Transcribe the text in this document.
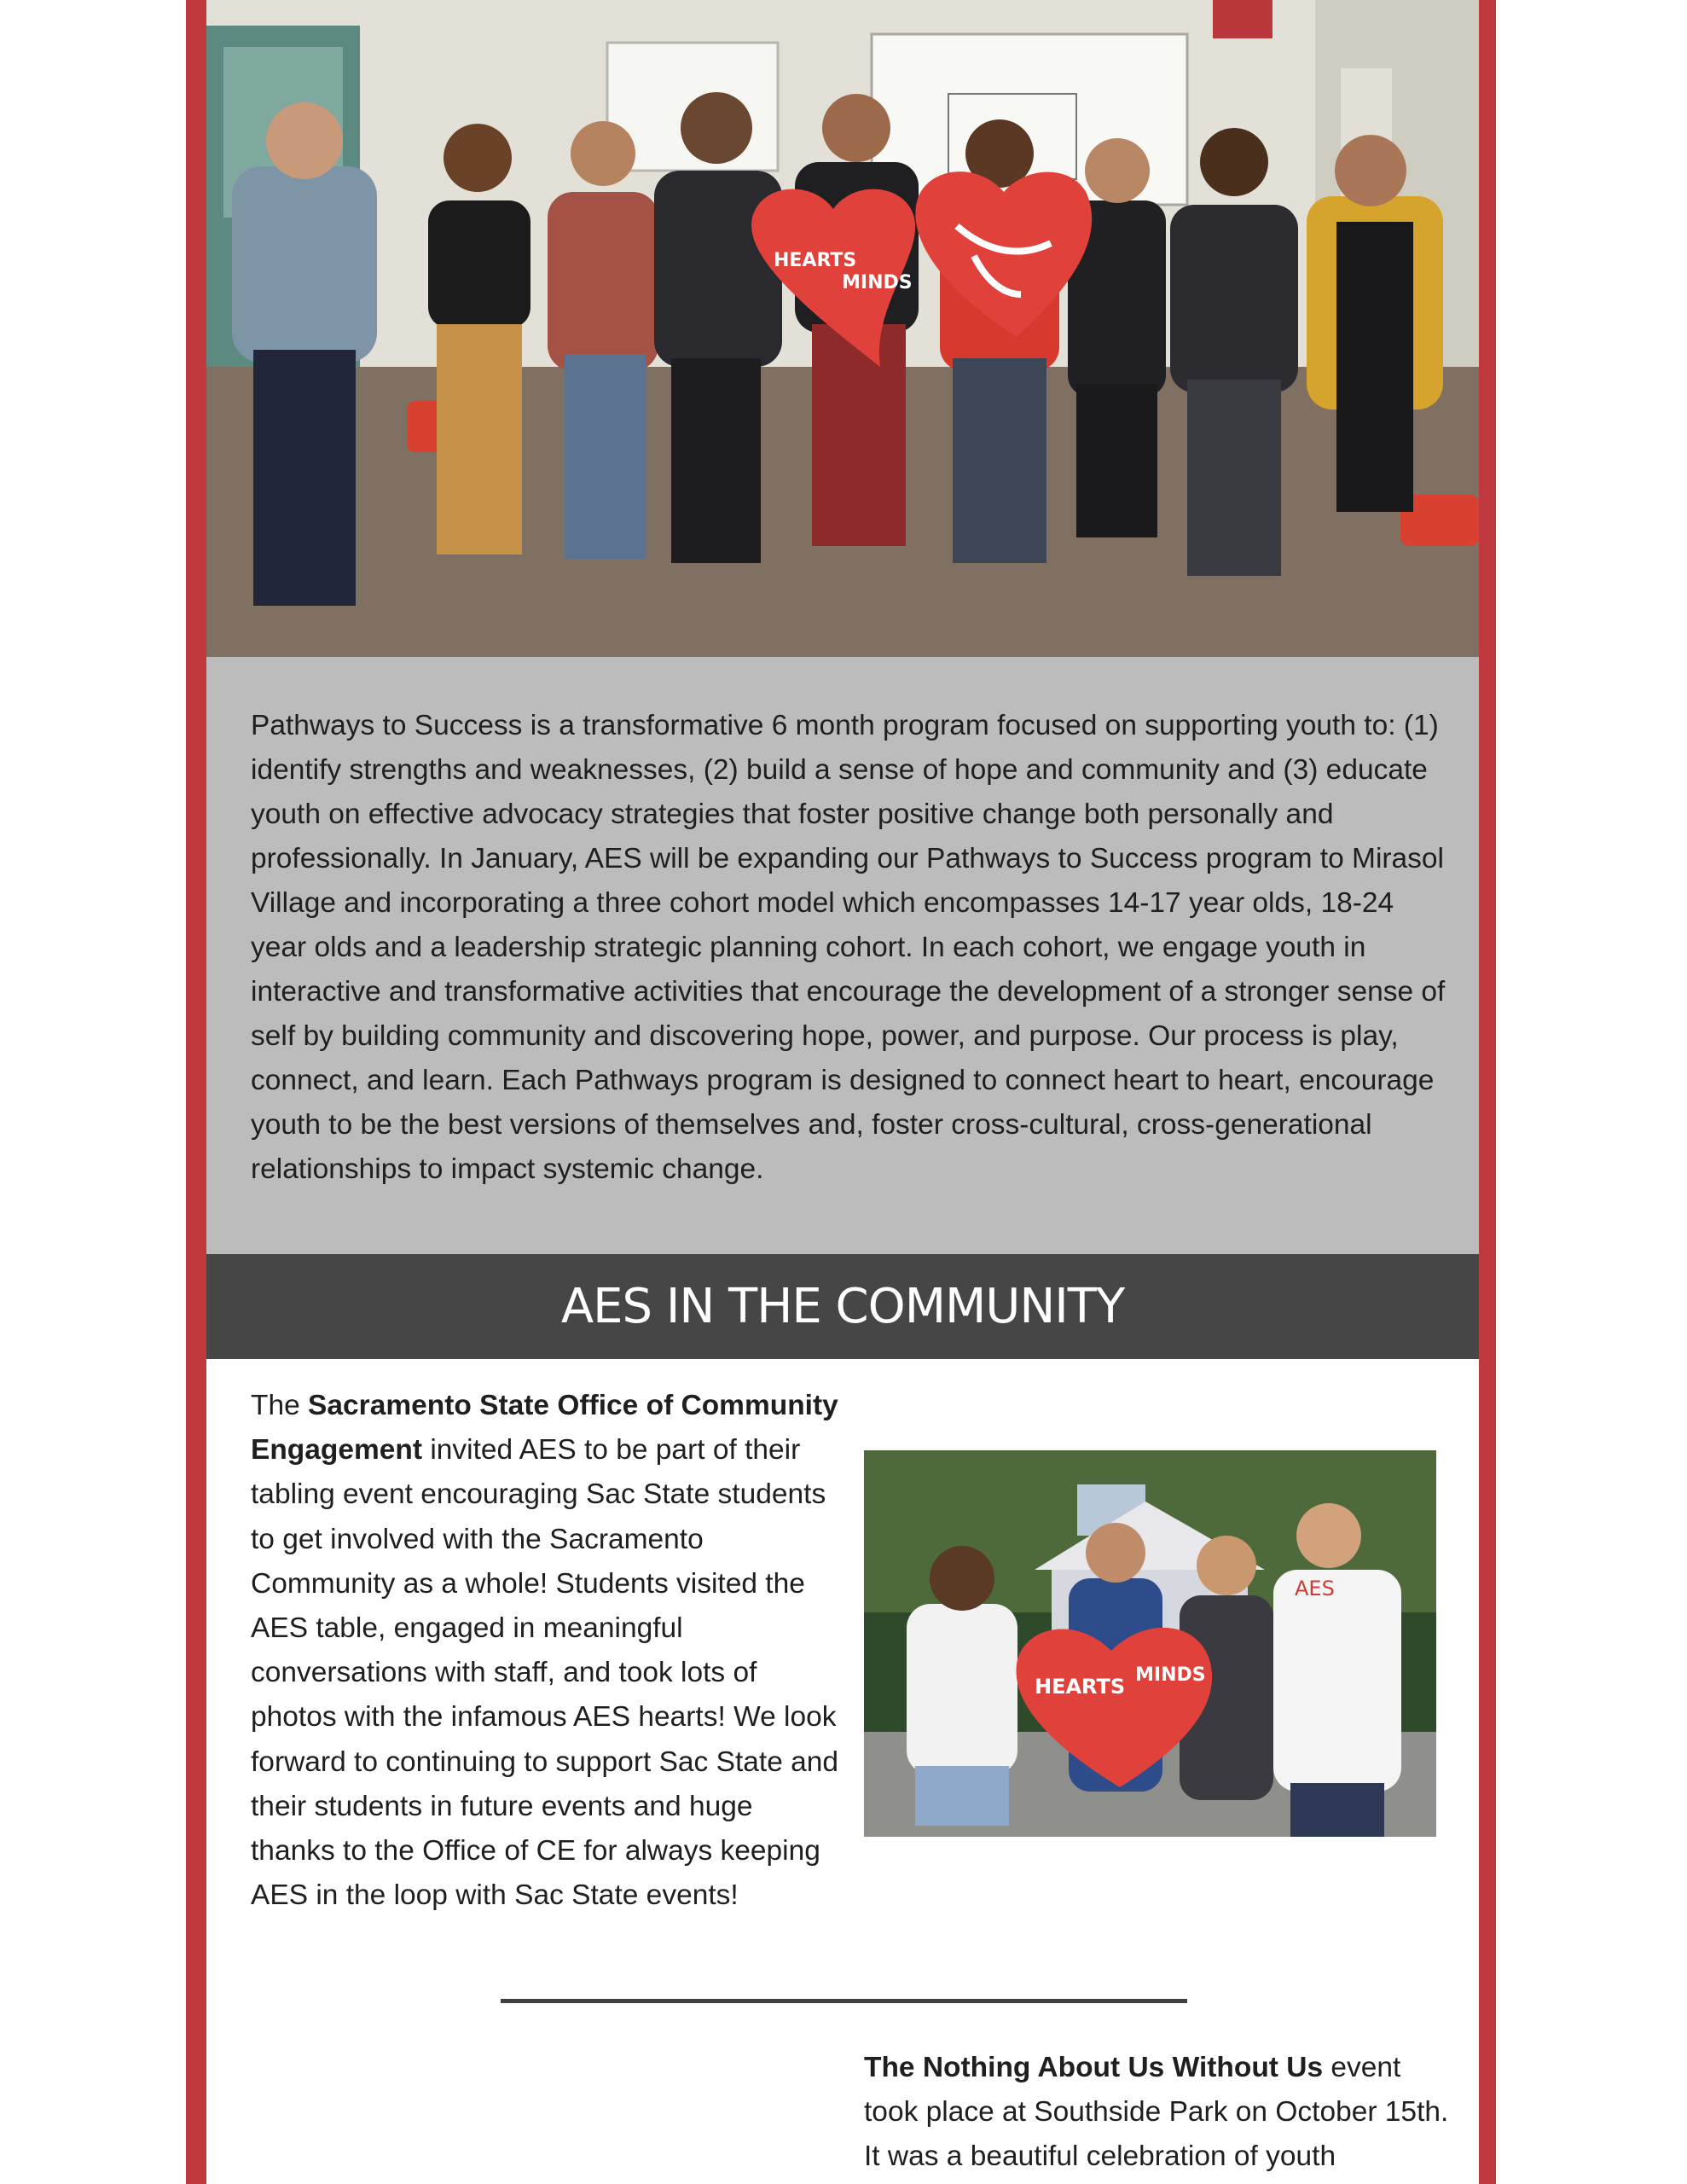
HEARTS
MINDS

Pathways to Success is a transformative 6 month program focused on supporting youth to: (1) identify strengths and weaknesses, (2) build a sense of hope and community and (3) educate youth on effective advocacy strategies that foster positive change both personally and professionally. In January, AES will be expanding our Pathways to Success program to Mirasol Village and incorporating a three cohort model which encompasses 14-17 year olds, 18-24 year olds and a leadership strategic planning cohort. In each cohort, we engage youth in interactive and transformative activities that encourage the development of a stronger sense of self by building community and discovering hope, power, and purpose. Our process is play, connect, and learn. Each Pathways program is designed to connect heart to heart, encourage youth to be the best versions of themselves and, foster cross-cultural, cross-generational relationships to impact systemic change.

AES IN THE COMMUNITY

The Sacramento State Office of Community Engagement invited AES to be part of their tabling event encouraging Sac State students to get involved with the Sacramento Community as a whole! Students visited the AES table, engaged in meaningful conversations with staff, and took lots of photos with the infamous AES hearts! We look forward to continuing to support Sac State and their students in future events and huge thanks to the Office of CE for always keeping AES in the loop with Sac State events!

AES
HEARTS MINDS

The Nothing About Us Without Us event took place at Southside Park on October 15th. It was a beautiful celebration of youth
